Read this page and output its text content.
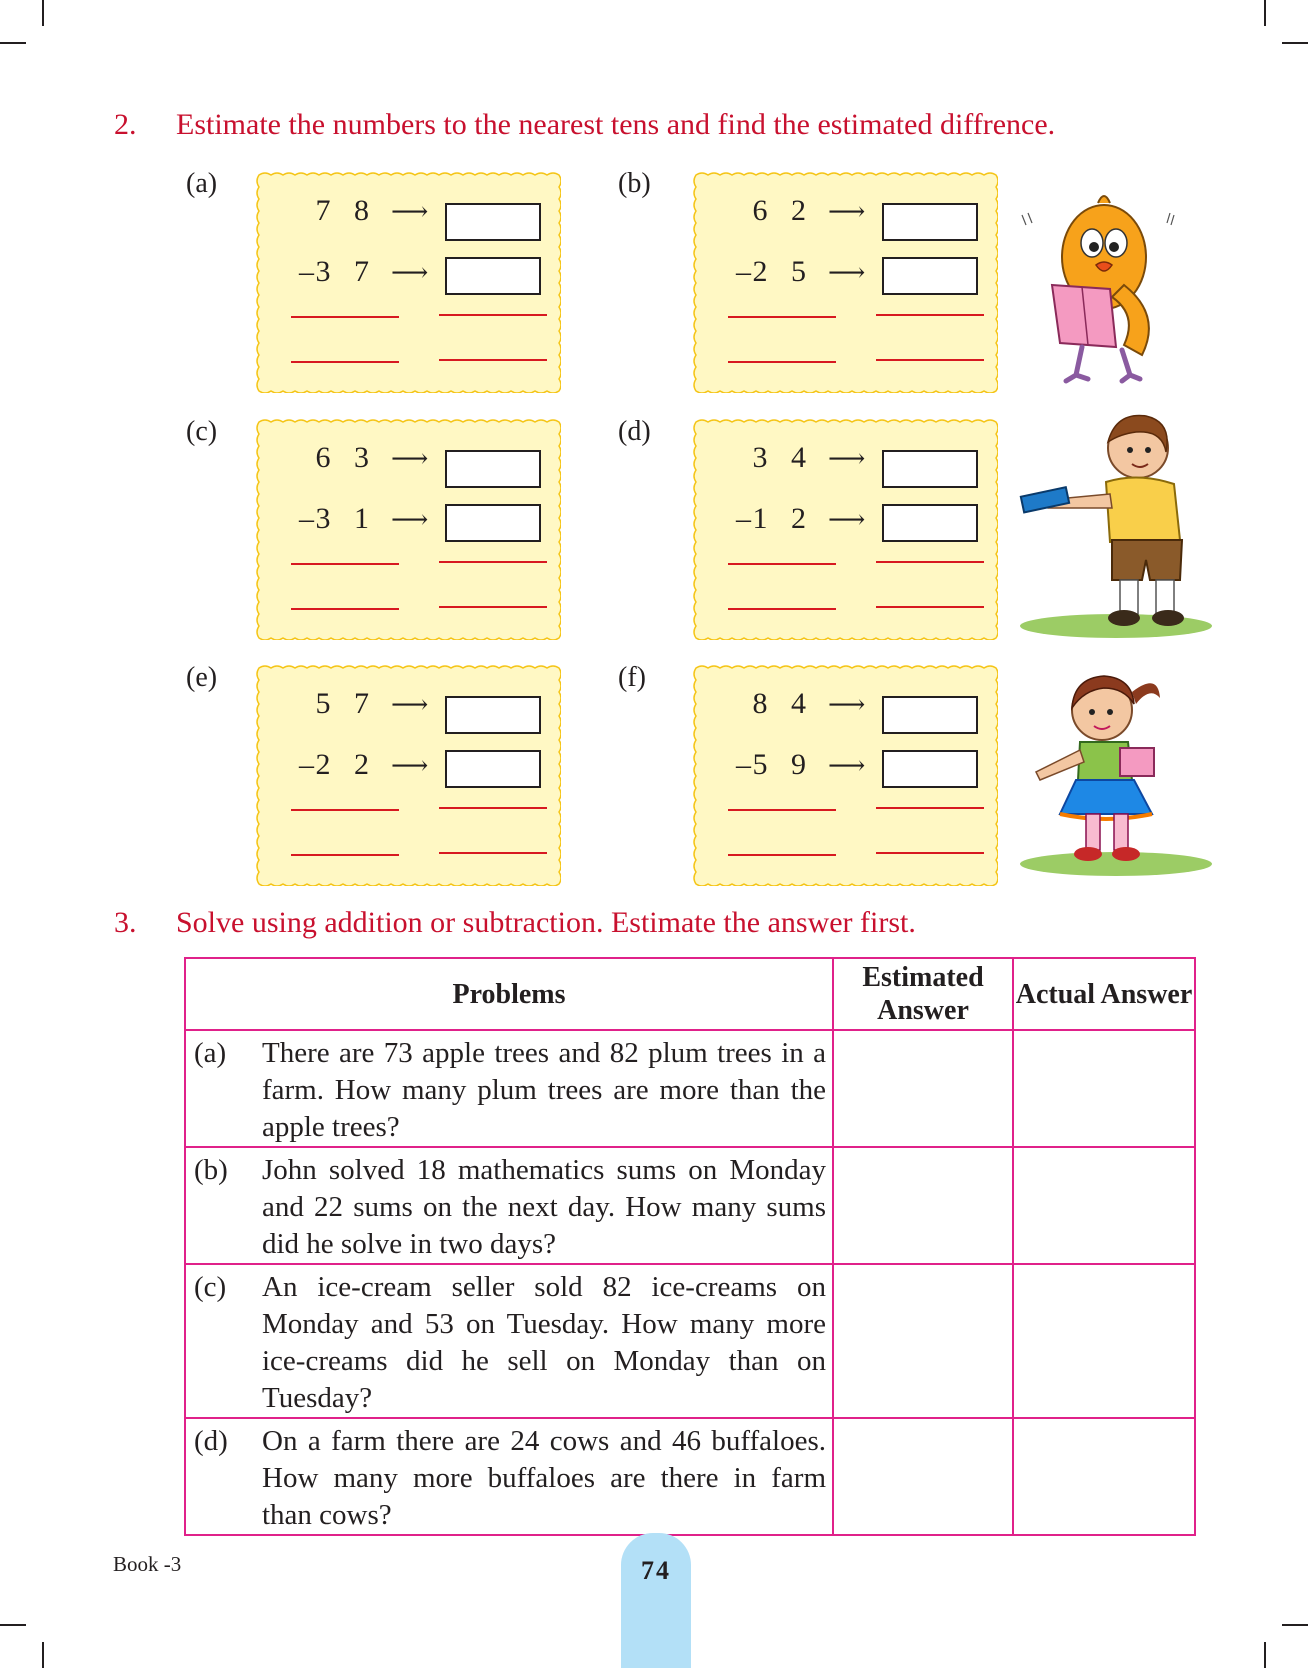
2. Estimate the numbers to the nearest tens and find the estimated diffrence.
(a)
7 8 ⟶
– 3 7 ⟶
(b)
6 2 ⟶
– 2 5 ⟶
(c)
6 3 ⟶
– 3 1 ⟶
(d)
3 4 ⟶
– 1 2 ⟶
(e)
5 7 ⟶
– 2 2 ⟶
(f)
8 4 ⟶
– 5 9 ⟶
3. Solve using addition or subtraction. Estimate the answer first.
Problems	Estimated Answer	Actual Answer

(a) There are 73 apple trees and 82 plum trees in a farm. How many plum trees are more than the apple trees?		

(b) John solved 18 mathematics sums on Monday and 22 sums on the next day. How many sums did he solve in two days?		

(c) An ice-cream seller sold 82 ice-creams on Monday and 53 on Tuesday. How many more ice-creams did he sell on Monday than on Tuesday?		

(d) On a farm there are 24 cows and 46 buffaloes. How many more buffaloes are there in farm than cows?		

Book -3	74
